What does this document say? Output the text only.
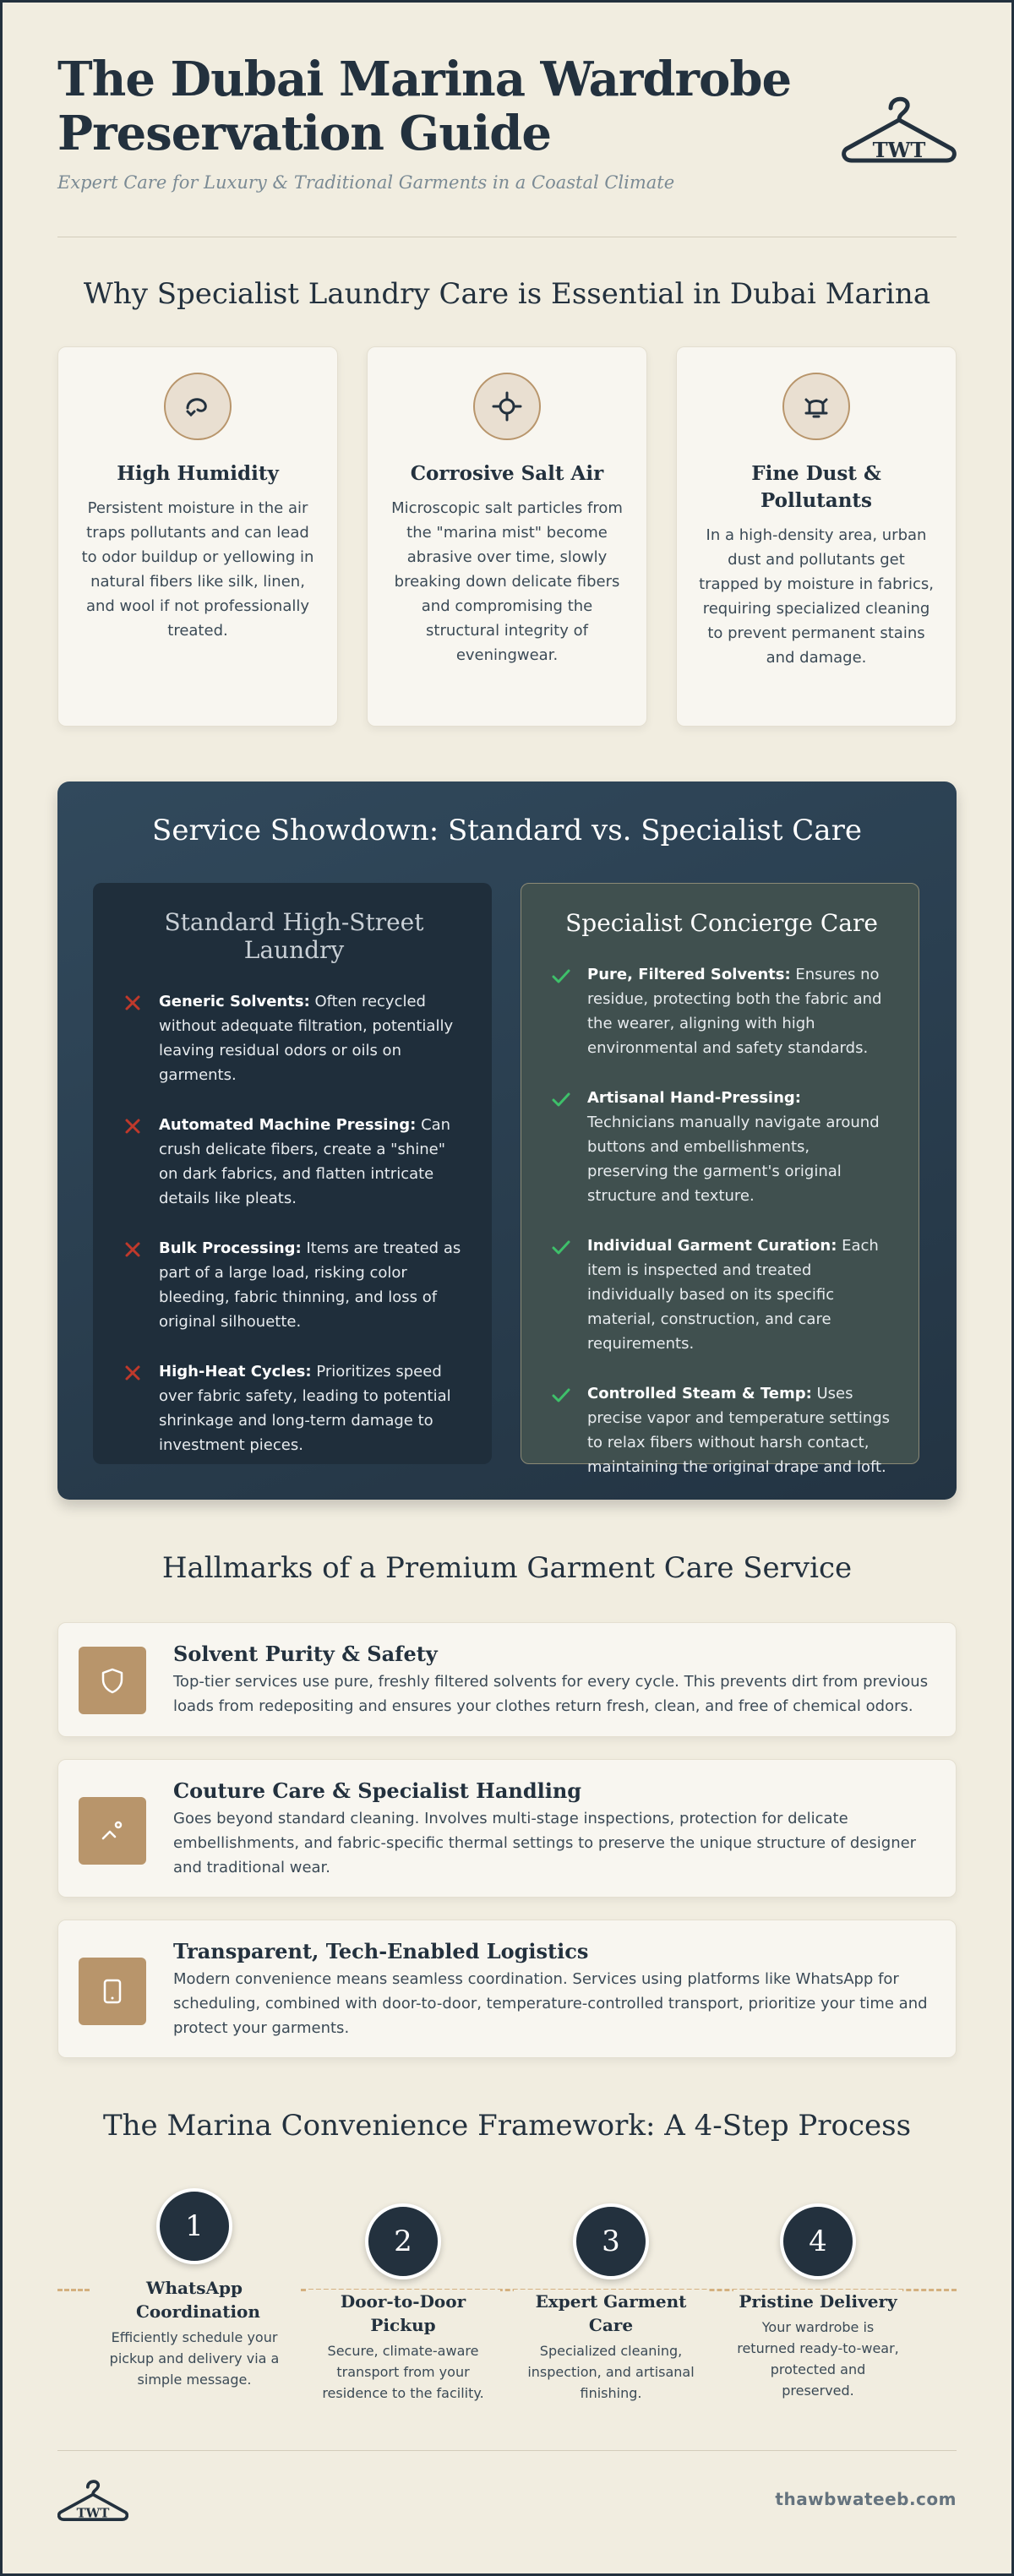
The Dubai Marina Wardrobe Preservation Guide
Expert Care for Luxury & Traditional Garments in a Coastal Climate
TWT
Why Specialist Laundry Care is Essential in Dubai Marina
High Humidity

Persistent moisture in the air traps pollutants and can lead to odor buildup or yellowing in natural fibers like silk, linen, and wool if not professionally treated.

Corrosive Salt Air

Microscopic salt particles from the "marina mist" become abrasive over time, slowly breaking down delicate fibers and compromising the structural integrity of eveningwear.

Fine Dust & Pollutants

In a high-density area, urban dust and pollutants get trapped by moisture in fabrics, requiring specialized cleaning to prevent permanent stains and damage.

Service Showdown: Standard vs. Specialist Care
Standard High-Street Laundry
Generic Solvents: Often recycled without adequate filtration, potentially leaving residual odors or oils on garments.
Automated Machine Pressing: Can crush delicate fibers, create a "shine" on dark fabrics, and flatten intricate details like pleats.
Bulk Processing: Items are treated as part of a large load, risking color bleeding, fabric thinning, and loss of original silhouette.
High-Heat Cycles: Prioritizes speed over fabric safety, leading to potential shrinkage and long-term damage to investment pieces.
Specialist Concierge Care
Pure, Filtered Solvents: Ensures no residue, protecting both the fabric and the wearer, aligning with high environmental and safety standards.
Artisanal Hand-Pressing: Technicians manually navigate around buttons and embellishments, preserving the garment's original structure and texture.
Individual Garment Curation: Each item is inspected and treated individually based on its specific material, construction, and care requirements.
Controlled Steam & Temp: Uses precise vapor and temperature settings to relax fibers without harsh contact, maintaining the original drape and loft.
Hallmarks of a Premium Garment Care Service
Solvent Purity & Safety

Top-tier services use pure, freshly filtered solvents for every cycle. This prevents dirt from previous loads from redepositing and ensures your clothes return fresh, clean, and free of chemical odors.

Couture Care & Specialist Handling

Goes beyond standard cleaning. Involves multi-stage inspections, protection for delicate embellishments, and fabric-specific thermal settings to preserve the unique structure of designer and traditional wear.

Transparent, Tech-Enabled Logistics

Modern convenience means seamless coordination. Services using platforms like WhatsApp for scheduling, combined with door-to-door, temperature-controlled transport, prioritize your time and protect your garments.

The Marina Convenience Framework: A 4-Step Process
1
WhatsApp Coordination

Efficiently schedule your pickup and delivery via a simple message.

2
Door-to-Door Pickup

Secure, climate-aware transport from your residence to the facility.

3
Expert Garment Care

Specialized cleaning, inspection, and artisanal finishing.

4
Pristine Delivery

Your wardrobe is returned ready-to-wear, protected and preserved.

TWT
thawbwateeb.com
